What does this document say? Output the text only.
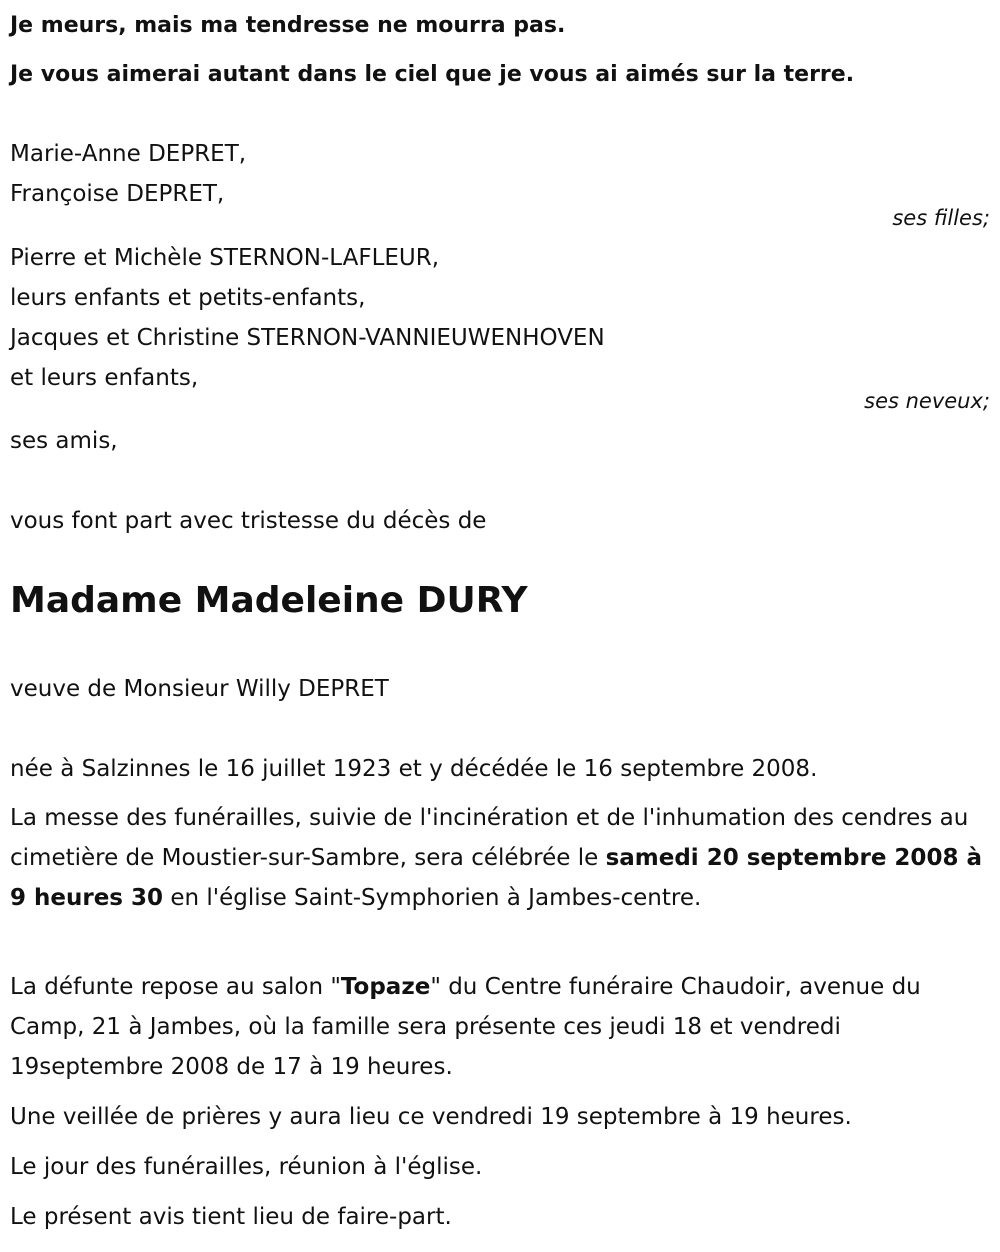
Je meurs, mais ma tendresse ne mourra pas.
Je vous aimerai autant dans le ciel que je vous ai aimés sur la terre.
Marie-Anne DEPRET,
Françoise DEPRET,
ses filles;
Pierre et Michèle STERNON-LAFLEUR,
leurs enfants et petits-enfants,
Jacques et Christine STERNON-VANNIEUWENHOVEN
et leurs enfants,
ses neveux;
ses amis,
vous font part avec tristesse du décès de
Madame Madeleine DURY
veuve de Monsieur Willy DEPRET
née à Salzinnes le 16 juillet 1923 et y décédée le 16 septembre 2008.
La messe des funérailles, suivie de l'incinération et de l'inhumation des cendres au cimetière de Moustier-sur-Sambre, sera célébrée le samedi 20 septembre 2008 à 9 heures 30 en l'église Saint-Symphorien à Jambes-centre.
La défunte repose au salon "Topaze" du Centre funéraire Chaudoir, avenue du Camp, 21 à Jambes, où la famille sera présente ces jeudi 18 et vendredi 19septembre 2008 de 17 à 19 heures.
Une veillée de prières y aura lieu ce vendredi 19 septembre à 19 heures.
Le jour des funérailles, réunion à l'église.
Le présent avis tient lieu de faire-part.
